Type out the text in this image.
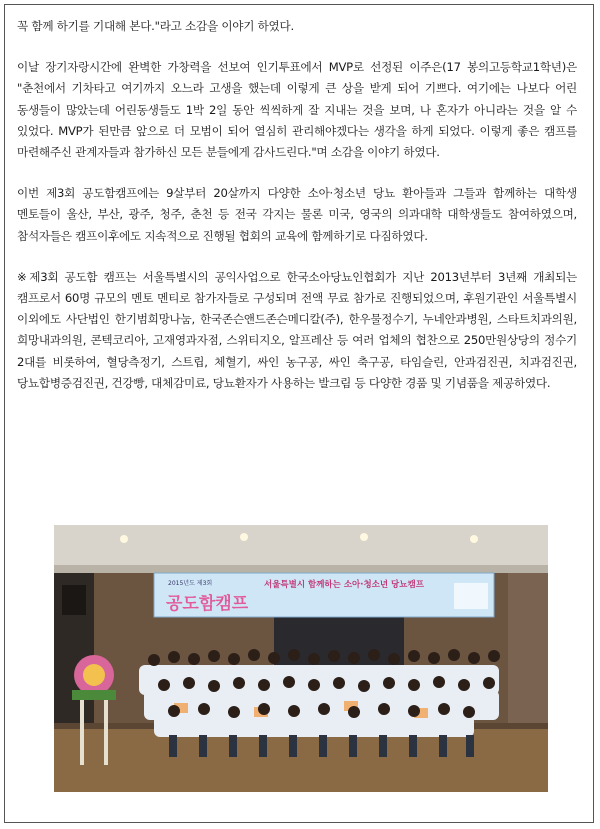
꼭 함께 하기를 기대해 본다."라고 소감을 이야기 하였다.

이날 장기자랑시간에 완벽한 가창력을 선보여 인기투표에서 MVP로 선정된 이주은(17 봉의고등학교1학년)은 "춘천에서 기차타고 여기까지 오느라 고생을 했는데 이렇게 큰 상을 받게 되어 기쁘다. 여기에는 나보다 어린 동생들이 많았는데 어린동생들도 1박 2일 동안 씩씩하게 잘 지내는 것을 보며, 나 혼자가 아니라는 것을 알 수 있었다. MVP가 된만큼 앞으로 더 모범이 되어 열심히 관리해야겠다는 생각을 하게 되었다. 이렇게 좋은 캠프를 마련해주신 관계자들과 참가하신 모든 분들에게 감사드린다."며 소감을 이야기 하였다.

이번 제3회 공도함캠프에는 9살부터 20살까지 다양한 소아·청소년 당뇨 환아들과 그들과 함께하는 대학생 멘토들이 울산, 부산, 광주, 청주, 춘천 등 전국 각지는 물론 미국, 영국의 의과대학 대학생들도 참여하였으며, 참석자들은 캠프이후에도 지속적으로 진행될 협회의 교육에 함께하기로 다짐하였다.

※제3회 공도함 캠프는 서울특별시의 공익사업으로 한국소아당뇨인협회가 지난 2013년부터 3년째 개최되는 캠프로서 60명 규모의 멘토 멘티로 참가자들로 구성되며 전액 무료 참가로 진행되었으며, 후원기관인 서울특별시 이외에도 사단법인 한기범희망나눔, 한국존슨앤드존슨메디칼(주), 한우물정수기, 누네안과병원, 스타트치과의원, 희망내과의원, 콘텍코리아, 고재영과자점, 스위티지오, 알프레산 등 여러 업체의 협찬으로 250만원상당의 정수기 2대를 비롯하여, 혈당측정기, 스트립, 체혈기, 싸인 농구공, 싸인 축구공, 타임슬린, 안과검진권, 치과검진권, 당뇨합병증검진권, 건강빵, 대체감미료, 당뇨환자가 사용하는 발크림 등 다양한 경품 및 기념품을 제공하였다.

2015년도 제3회
공도함캠프
서울특별시 함께하는 소아·청소년 당뇨캠프
